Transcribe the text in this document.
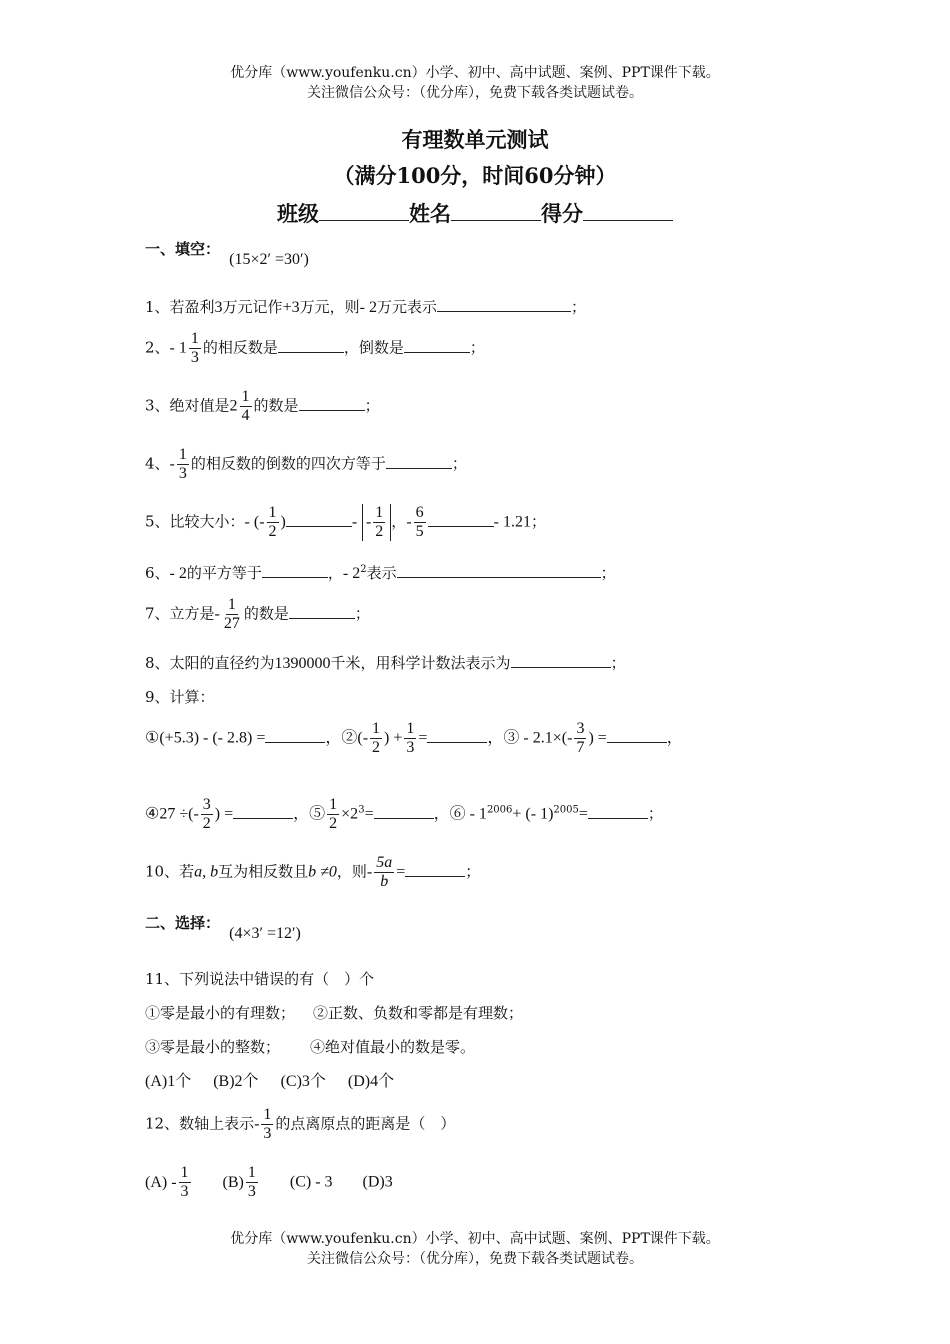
优分库（www.youfenku.cn）小学、初中、高中试题、案例、PPT课件下载。
关注微信公众号：（优分库），免费下载各类试题试卷。
有理数单元测试
（满分100分，时间60分钟）
班级	姓名	得分
一、填空： (15×2′ =30′)
1、若盈利3万元记作+3万元，则- 2万元表示	；
2、- $1 \frac{1}{3}$ 的相反数是	，倒数是	；
3、绝对值是$2 \frac{1}{4}$ 的数是	；
4、- $\frac{1}{3}$ 的相反数的倒数的四次方等于	；
5、比较大小：- (- $\frac{1}{2}$ )	- - $\frac{1}{2}$ ，- $\frac{6}{5}$	- 1.21；
6、- 2的平方等于	，- $2^2$表示	；
7、立方是- $\frac{1}{27}$ 的数是	；
8、太阳的直径约为1390000千米，用科学计数法表示为	；
9、计算：
①(+5.3) - (- 2.8) =	，②(- $\frac{1}{2}$ ) + $\frac{1}{3}$ =	，③ - $2.1\times(- \frac{3}{7}$ ) =	，
④27 ÷(- $\frac{3}{2}$ ) =	，⑤ $\frac{1}{2} \times 2^3=$	，⑥ - $1^{2006}+$ (- 1)$^{2005}$=	；
10、若a, b互为相反数且b ≠0，则- $\frac{5a}{b}$ =	；
二、选择： (4×3′ =12′)
11、下列说法中错误的有（　）个
①零是最小的有理数； ②正数、负数和零都是有理数；
③零是最小的整数； ④绝对值最小的数是零。
(A)1个 (B)2个 (C)3个 (D)4个
12、数轴上表示- $\frac{1}{3}$ 的点离原点的距离是（　）
$(A) - \frac{1}{3} (B) \frac{1}{3} (C) - 3$ (D)3
优分库（www.youfenku.cn）小学、初中、高中试题、案例、PPT课件下载。
关注微信公众号：（优分库），免费下载各类试题试卷。
